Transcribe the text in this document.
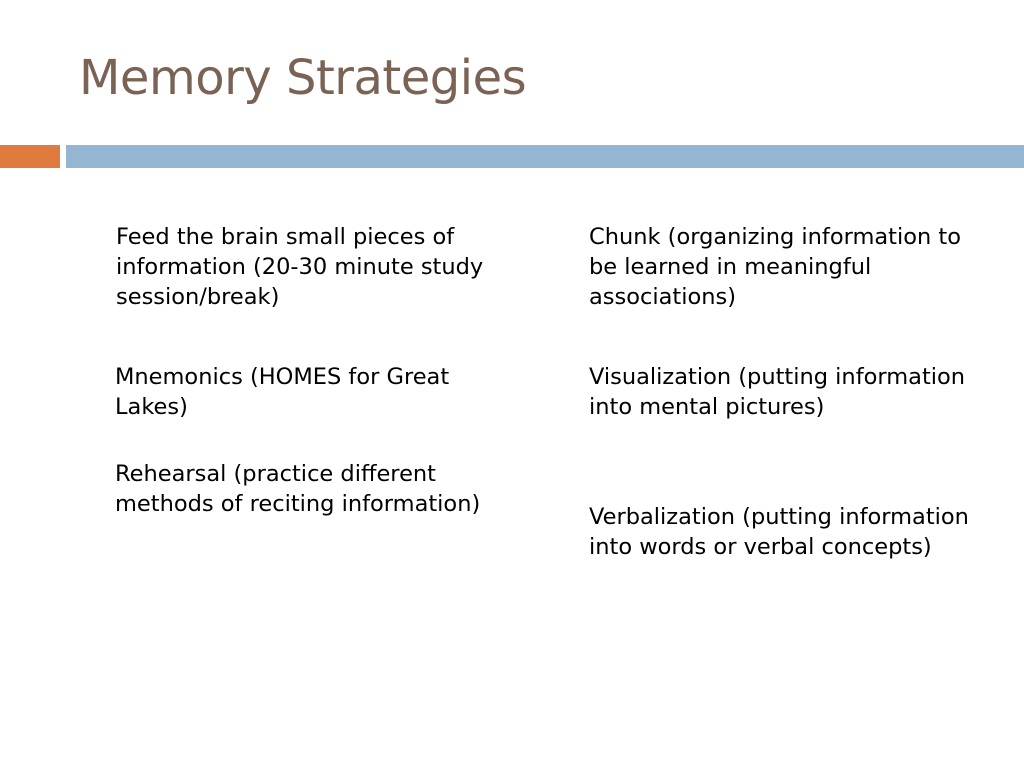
Memory Strategies

Feed the brain small pieces of information (20-30 minute study session/break)

Mnemonics (HOMES for Great Lakes)

Rehearsal (practice different methods of reciting information)

Chunk (organizing information to be learned in meaningful associations)

Visualization (putting information into mental pictures)

Verbalization (putting information into words or verbal concepts)
